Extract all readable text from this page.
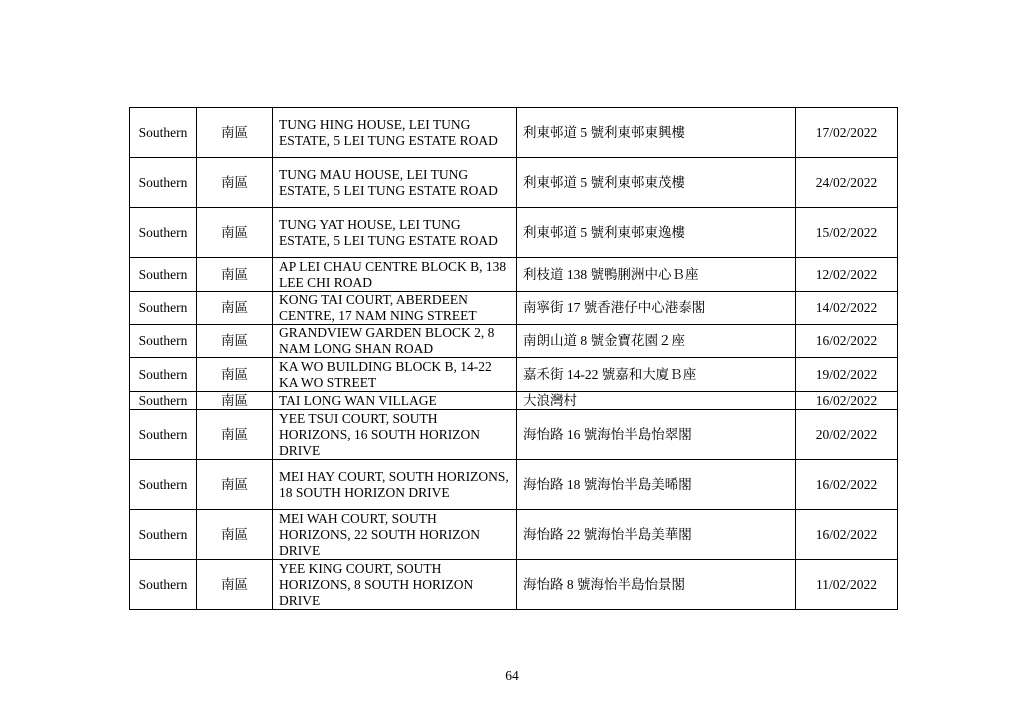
Southern	南區	TUNG HING HOUSE, LEI TUNG ESTATE, 5 LEI TUNG ESTATE ROAD	利東邨道 5 號利東邨東興樓	17/02/2022
Southern	南區	TUNG MAU HOUSE, LEI TUNG ESTATE, 5 LEI TUNG ESTATE ROAD	利東邨道 5 號利東邨東茂樓	24/02/2022
Southern	南區	TUNG YAT HOUSE, LEI TUNG ESTATE, 5 LEI TUNG ESTATE ROAD	利東邨道 5 號利東邨東逸樓	15/02/2022
Southern	南區	AP LEI CHAU CENTRE BLOCK B, 138 LEE CHI ROAD	利枝道 138 號鴨脷洲中心Ｂ座	12/02/2022
Southern	南區	KONG TAI COURT, ABERDEEN CENTRE, 17 NAM NING STREET	南寧街 17 號香港仔中心港泰閣	14/02/2022
Southern	南區	GRANDVIEW GARDEN BLOCK 2, 8 NAM LONG SHAN ROAD	南朗山道 8 號金寶花園２座	16/02/2022
Southern	南區	KA WO BUILDING BLOCK B, 14-22 KA WO STREET	嘉禾街 14-22 號嘉和大廈Ｂ座	19/02/2022
Southern	南區	TAI LONG WAN VILLAGE	大浪灣村	16/02/2022
Southern	南區	YEE TSUI COURT, SOUTH HORIZONS, 16 SOUTH HORIZON DRIVE	海怡路 16 號海怡半島怡翠閣	20/02/2022
Southern	南區	MEI HAY COURT, SOUTH HORIZONS, 18 SOUTH HORIZON DRIVE	海怡路 18 號海怡半島美晞閣	16/02/2022
Southern	南區	MEI WAH COURT, SOUTH HORIZONS, 22 SOUTH HORIZON DRIVE	海怡路 22 號海怡半島美華閣	16/02/2022
Southern	南區	YEE KING COURT, SOUTH HORIZONS, 8 SOUTH HORIZON DRIVE	海怡路 8 號海怡半島怡景閣	11/02/2022
64
